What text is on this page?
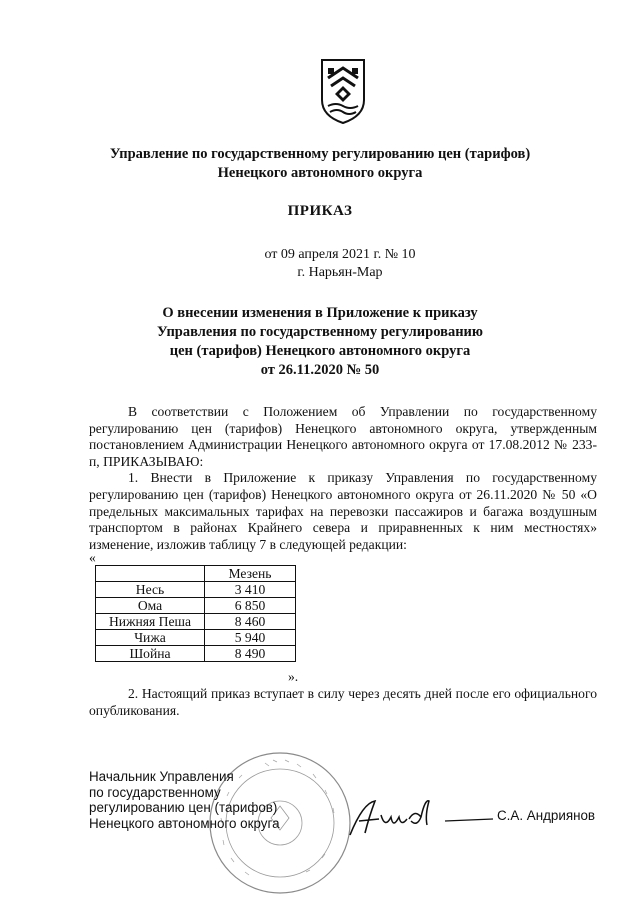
Управление по государственному регулированию цен (тарифов)
Ненецкого автономного округа
ПРИКАЗ
от 09 апреля 2021 г. № 10
г. Нарьян-Мар
О внесении изменения в Приложение к приказу
Управления по государственному регулированию
цен (тарифов) Ненецкого автономного округа
от 26.11.2020 № 50

В соответствии с Положением об Управлении по государственному регулированию цен (тарифов) Ненецкого автономного округа, утвержденным постановлением Администрации Ненецкого автономного округа от 17.08.2012 № 233-п, ПРИКАЗЫВАЮ:

1. Внести в Приложение к приказу Управления по государственному регулированию цен (тарифов) Ненецкого автономного округа от 26.11.2020 № 50 «О предельных максимальных тарифах на перевозки пассажиров и багажа воздушным транспортом в районах Крайнего севера и приравненных к ним местностях» изменение, изложив таблицу 7 в следующей редакции:

«
	Мезень
Несь	3 410
Ома	6 850
Нижняя Пеша	8 460
Чижа	5 940
Шойна	8 490
».

2. Настоящий приказ вступает в силу через десять дней после его официального опубликования.

Начальник Управления
по государственному
регулированию цен (тарифов)
Ненецкого автономного округа
С.А. Андриянов
